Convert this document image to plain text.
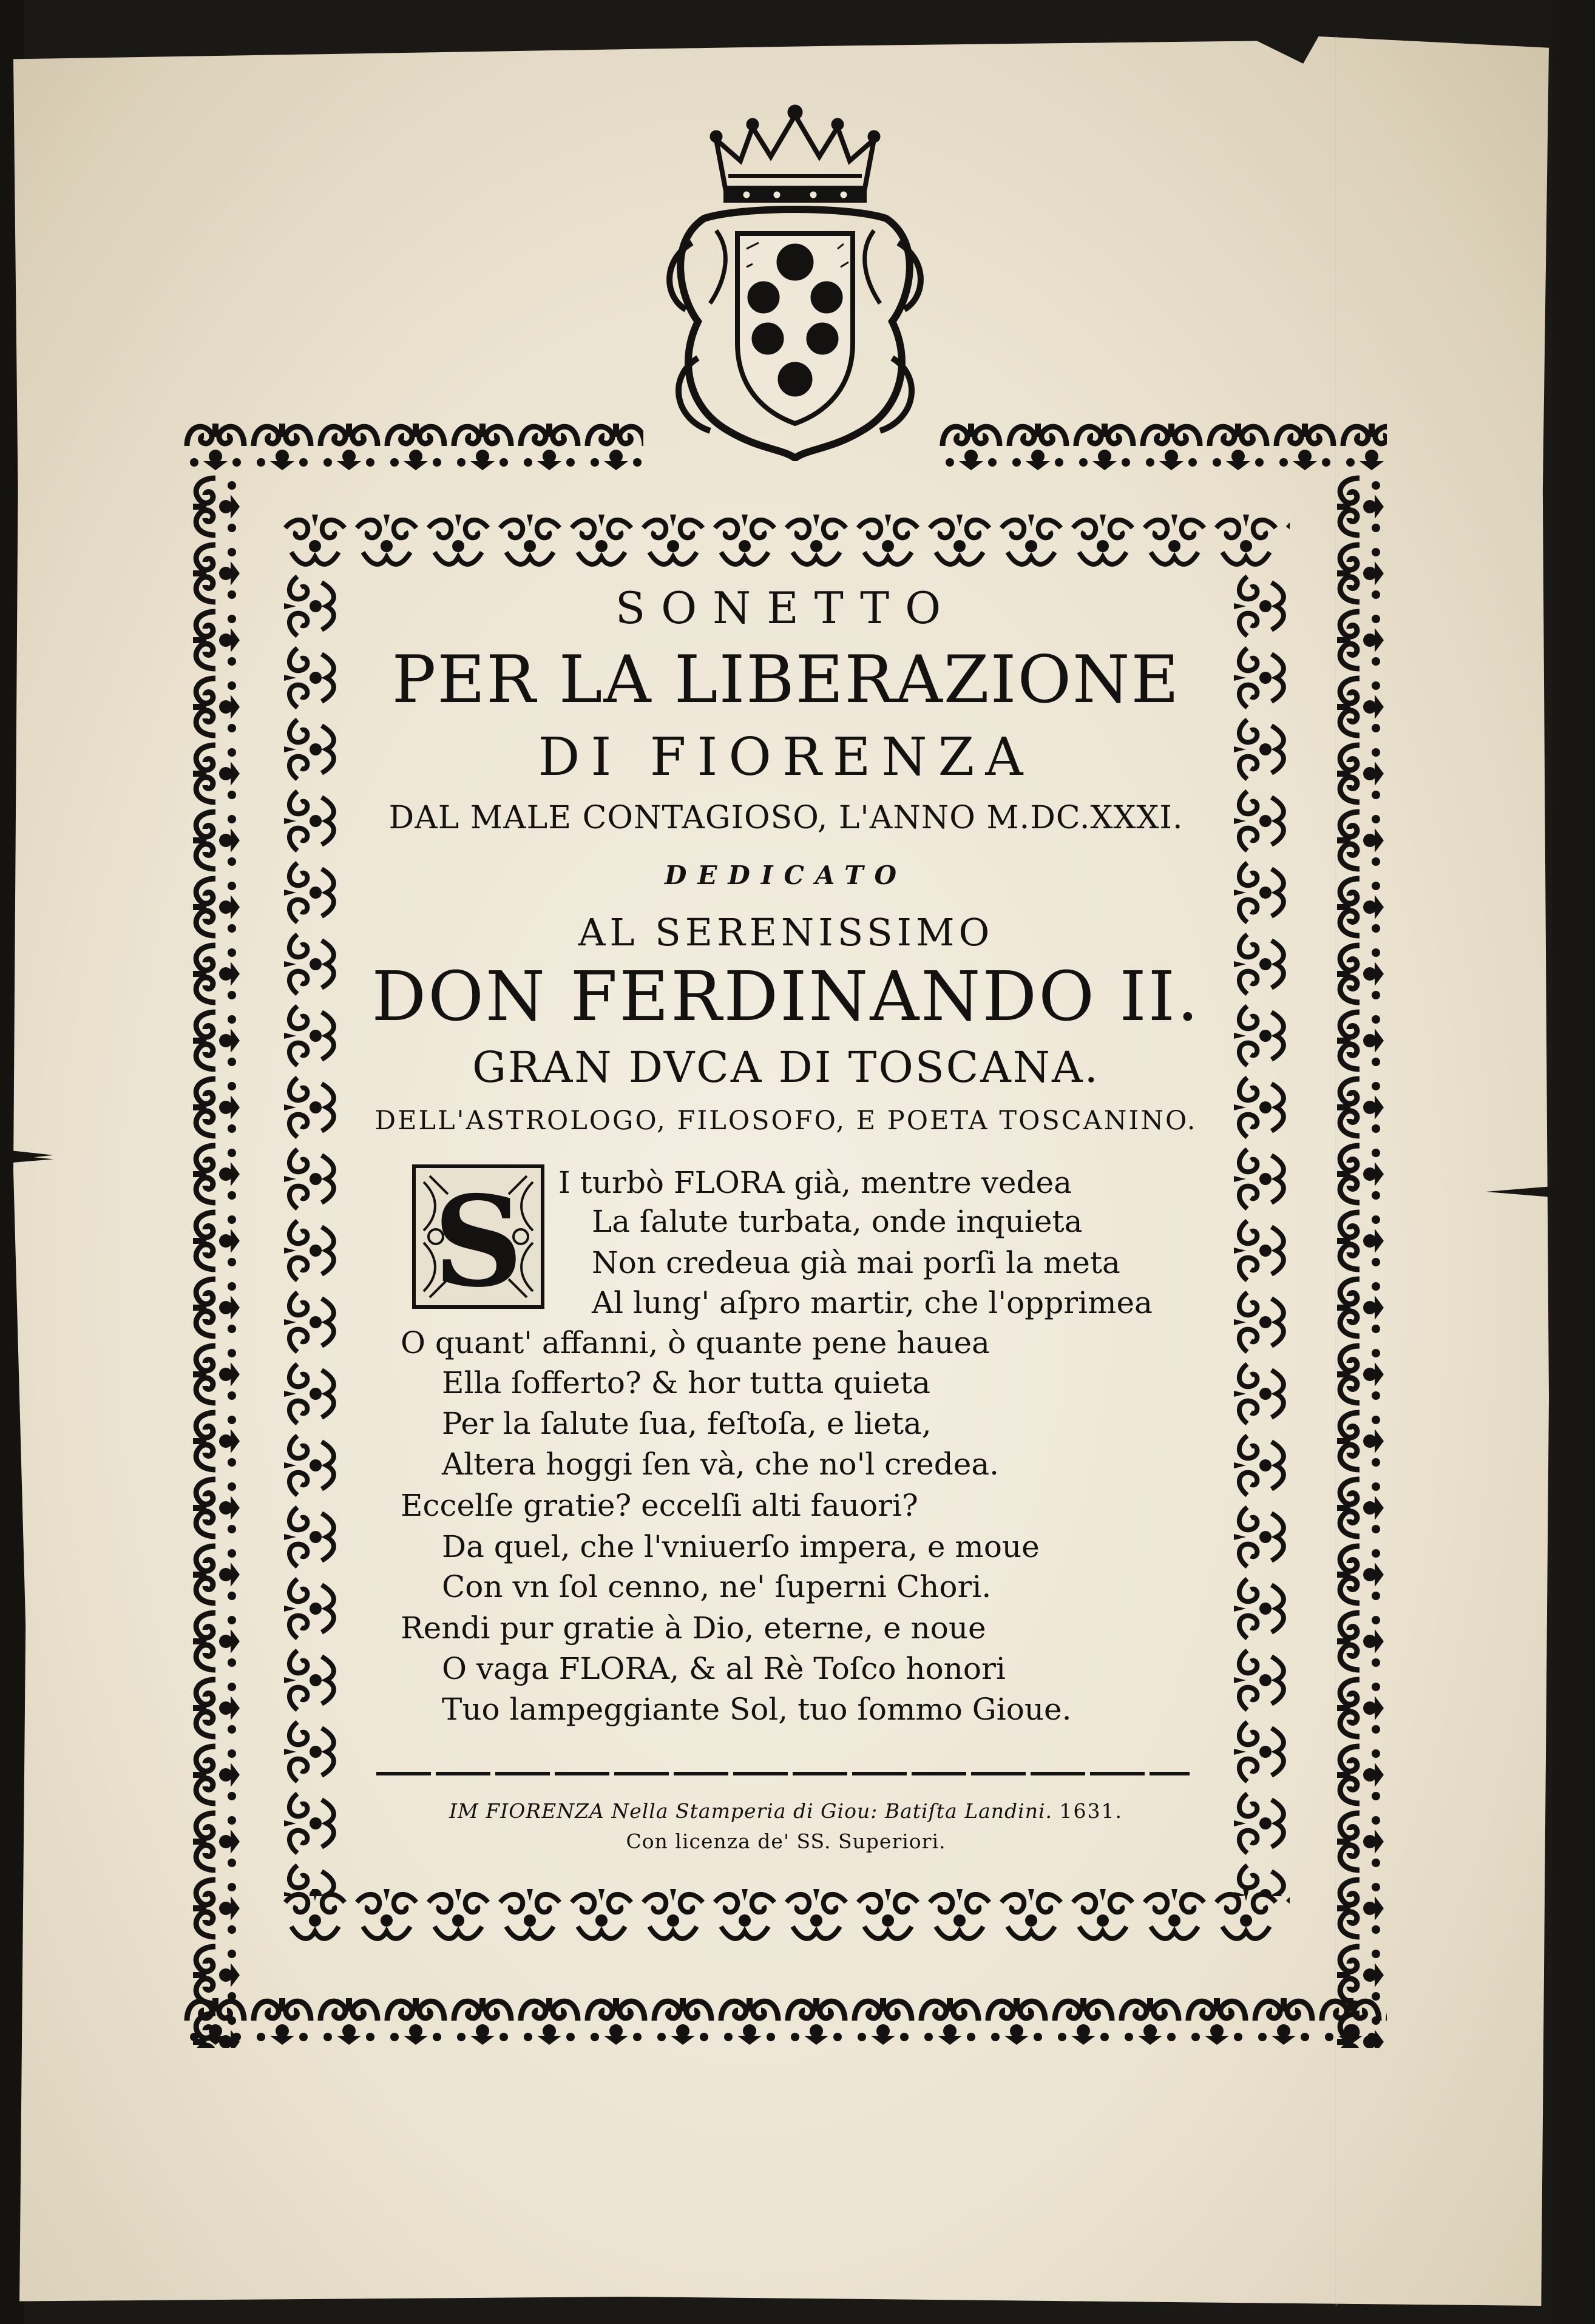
SONETTO
PER LA LIBERAZIONE
DI FIORENZA
DAL MALE CONTAGIOSO, L'ANNO M.DC.XXXI.
DEDICATO
AL SERENISSIMO
DON FERDINANDO II.
GRAN DVCA DI TOSCANA.
DELL'ASTROLOGO, FILOSOFO, E POETA TOSCANINO.
S I turbò FLORA già, mentre vedea
La ſalute turbata, onde inquieta
Non credeua già mai porſi la meta
Al lung' aſpro martir, che l'opprimea
O quant' affanni, ò quante pene hauea
Ella ſofferto? & hor tutta quieta
Per la ſalute ſua, feſtoſa, e lieta,
Altera hoggi ſen và, che no'l credea.
Eccelſe gratie? eccelſi alti fauori?
Da quel, che l'vniuerſo impera, e moue
Con vn ſol cenno, ne' ſuperni Chori.
Rendi pur gratie à Dio, eterne, e noue
O vaga FLORA, & al Rè Toſco honori
Tuo lampeggiante Sol, tuo ſommo Gioue.
IM FIORENZA Nella Stamperia di Giou: Batiſta Landini. 1631.
Con licenza de' SS. Superiori.
